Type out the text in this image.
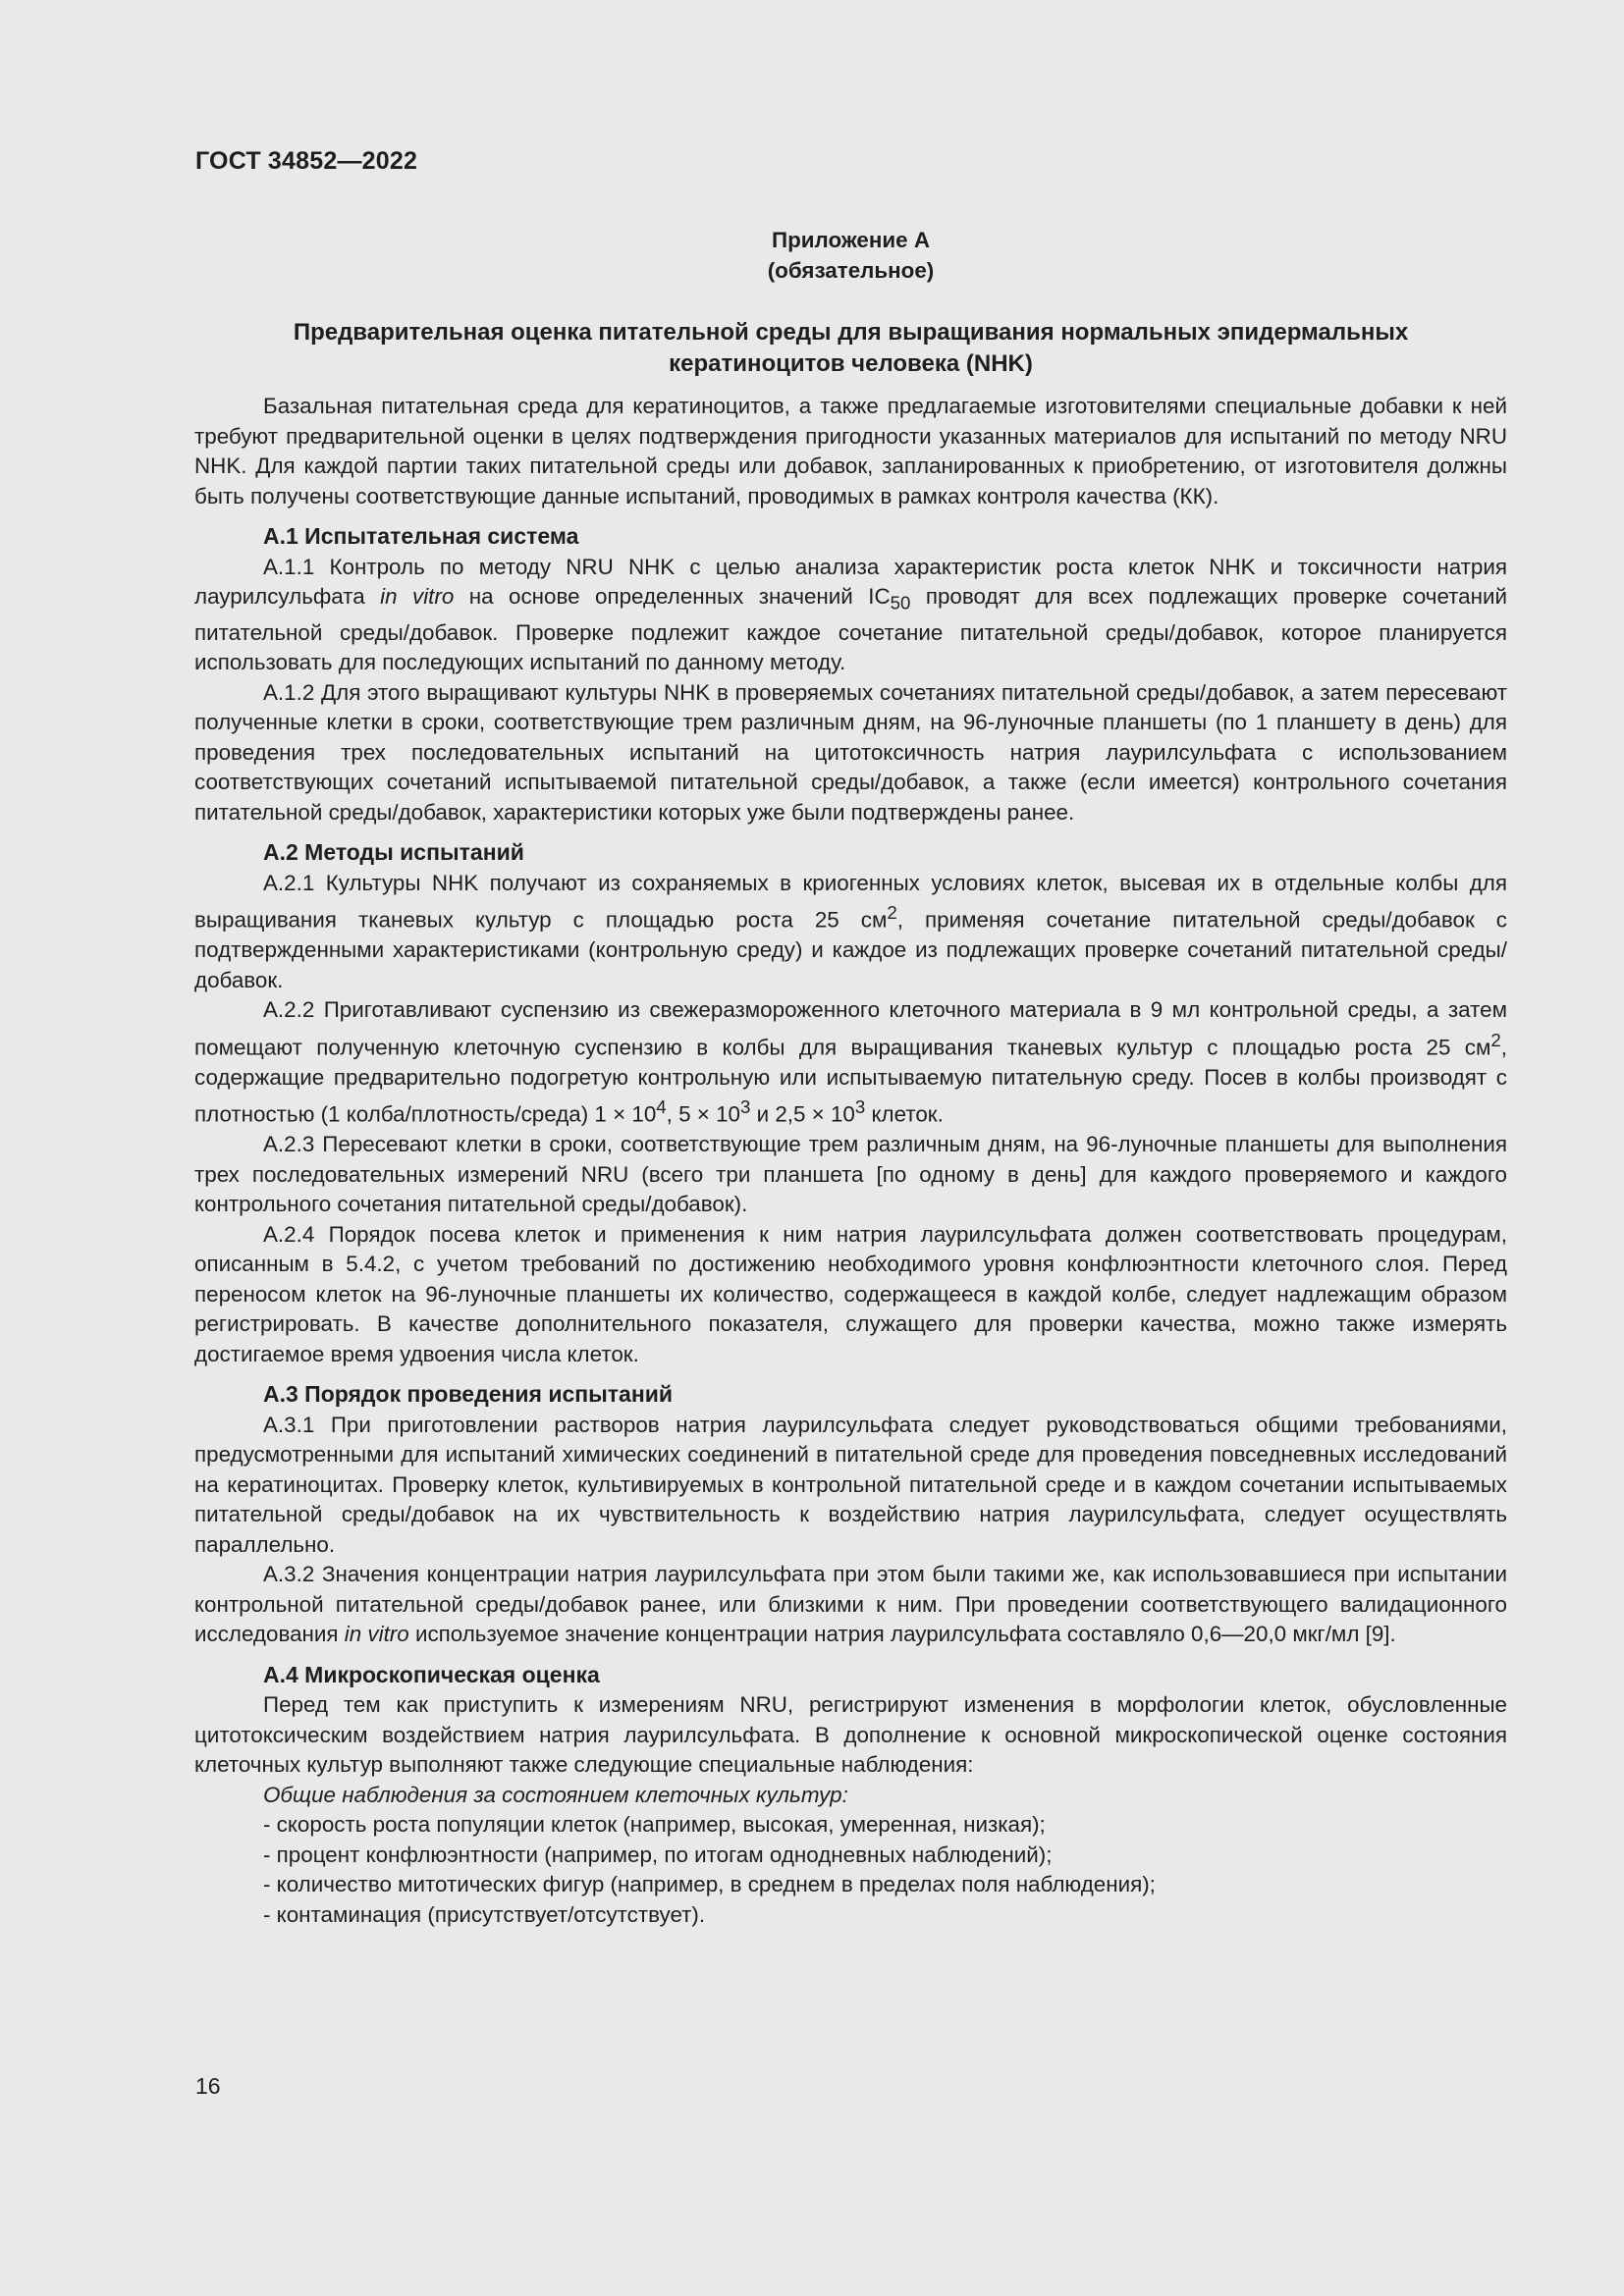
ГОСТ 34852—2022
Приложение А
(обязательное)
Предварительная оценка питательной среды для выращивания нормальных эпидермальных
кератиноцитов человека (NHK)

Базальная питательная среда для кератиноцитов, а также предлагаемые изготовителями специальные добавки к ней требуют предварительной оценки в целях подтверждения пригодности указанных материалов для испытаний по методу NRU NHK. Для каждой партии таких питательной среды или добавок, запланированных к приобретению, от изготовителя должны быть получены соответствующие данные испытаний, проводимых в рамках контроля качества (КК).

А.1 Испытательная система

А.1.1 Контроль по методу NRU NHK с целью анализа характеристик роста клеток NHK и токсичности натрия лаурилсульфата in vitro на основе определенных значений $IC_{50}$ проводят для всех подлежащих проверке сочетаний питательной среды/добавок. Проверке подлежит каждое сочетание питательной среды/добавок, которое планируется использовать для последующих испытаний по данному методу.

А.1.2 Для этого выращивают культуры NHK в проверяемых сочетаниях питательной среды/добавок, а затем пересевают полученные клетки в сроки, соответствующие трем различным дням, на 96-луночные планшеты (по 1 планшету в день) для проведения трех последовательных испытаний на цитотоксичность натрия лаурилсульфата с использованием соответствующих сочетаний испытываемой питательной среды/добавок, а также (если имеется) контрольного сочетания питательной среды/добавок, характеристики которых уже были подтверждены ранее.

А.2 Методы испытаний

А.2.1 Культуры NHK получают из сохраняемых в криогенных условиях клеток, высевая их в отдельные колбы для выращивания тканевых культур с площадью роста 25 $см^2$, применяя сочетание питательной среды/добавок с подтвержденными характеристиками (контрольную среду) и каждое из подлежащих проверке сочетаний питательной среды/добавок.

А.2.2 Приготавливают суспензию из свежеразмороженного клеточного материала в 9 мл контрольной среды, а затем помещают полученную клеточную суспензию в колбы для выращивания тканевых культур с площадью роста 25 $см^2$, содержащие предварительно подогретую контрольную или испытываемую питательную среду. Посев в колбы производят с плотностью (1 колба/плотность/среда) $1 \times 10^4$, $5 \times 10^3$ и $2,5 \times 10^3$ клеток.

А.2.3 Пересевают клетки в сроки, соответствующие трем различным дням, на 96-луночные планшеты для выполнения трех последовательных измерений NRU (всего три планшета [по одному в день] для каждого проверяемого и каждого контрольного сочетания питательной среды/добавок).

А.2.4 Порядок посева клеток и применения к ним натрия лаурилсульфата должен соответствовать процедурам, описанным в 5.4.2, с учетом требований по достижению необходимого уровня конфлюэнтности клеточного слоя. Перед переносом клеток на 96-луночные планшеты их количество, содержащееся в каждой колбе, следует надлежащим образом регистрировать. В качестве дополнительного показателя, служащего для проверки качества, можно также измерять достигаемое время удвоения числа клеток.

А.3 Порядок проведения испытаний

А.3.1 При приготовлении растворов натрия лаурилсульфата следует руководствоваться общими требованиями, предусмотренными для испытаний химических соединений в питательной среде для проведения повседневных исследований на кератиноцитах. Проверку клеток, культивируемых в контрольной питательной среде и в каждом сочетании испытываемых питательной среды/добавок на их чувствительность к воздействию натрия лаурилсульфата, следует осуществлять параллельно.

А.3.2 Значения концентрации натрия лаурилсульфата при этом были такими же, как использовавшиеся при испытании контрольной питательной среды/добавок ранее, или близкими к ним. При проведении соответствующего валидационного исследования in vitro используемое значение концентрации натрия лаурилсульфата составляло 0,6—20,0 мкг/мл [9].

А.4 Микроскопическая оценка

Перед тем как приступить к измерениям NRU, регистрируют изменения в морфологии клеток, обусловленные цитотоксическим воздействием натрия лаурилсульфата. В дополнение к основной микроскопической оценке состояния клеточных культур выполняют также следующие специальные наблюдения:

Общие наблюдения за состоянием клеточных культур:
- скорость роста популяции клеток (например, высокая, умеренная, низкая);
- процент конфлюэнтности (например, по итогам однодневных наблюдений);
- количество митотических фигур (например, в среднем в пределах поля наблюдения);
- контаминация (присутствует/отсутствует).
16
